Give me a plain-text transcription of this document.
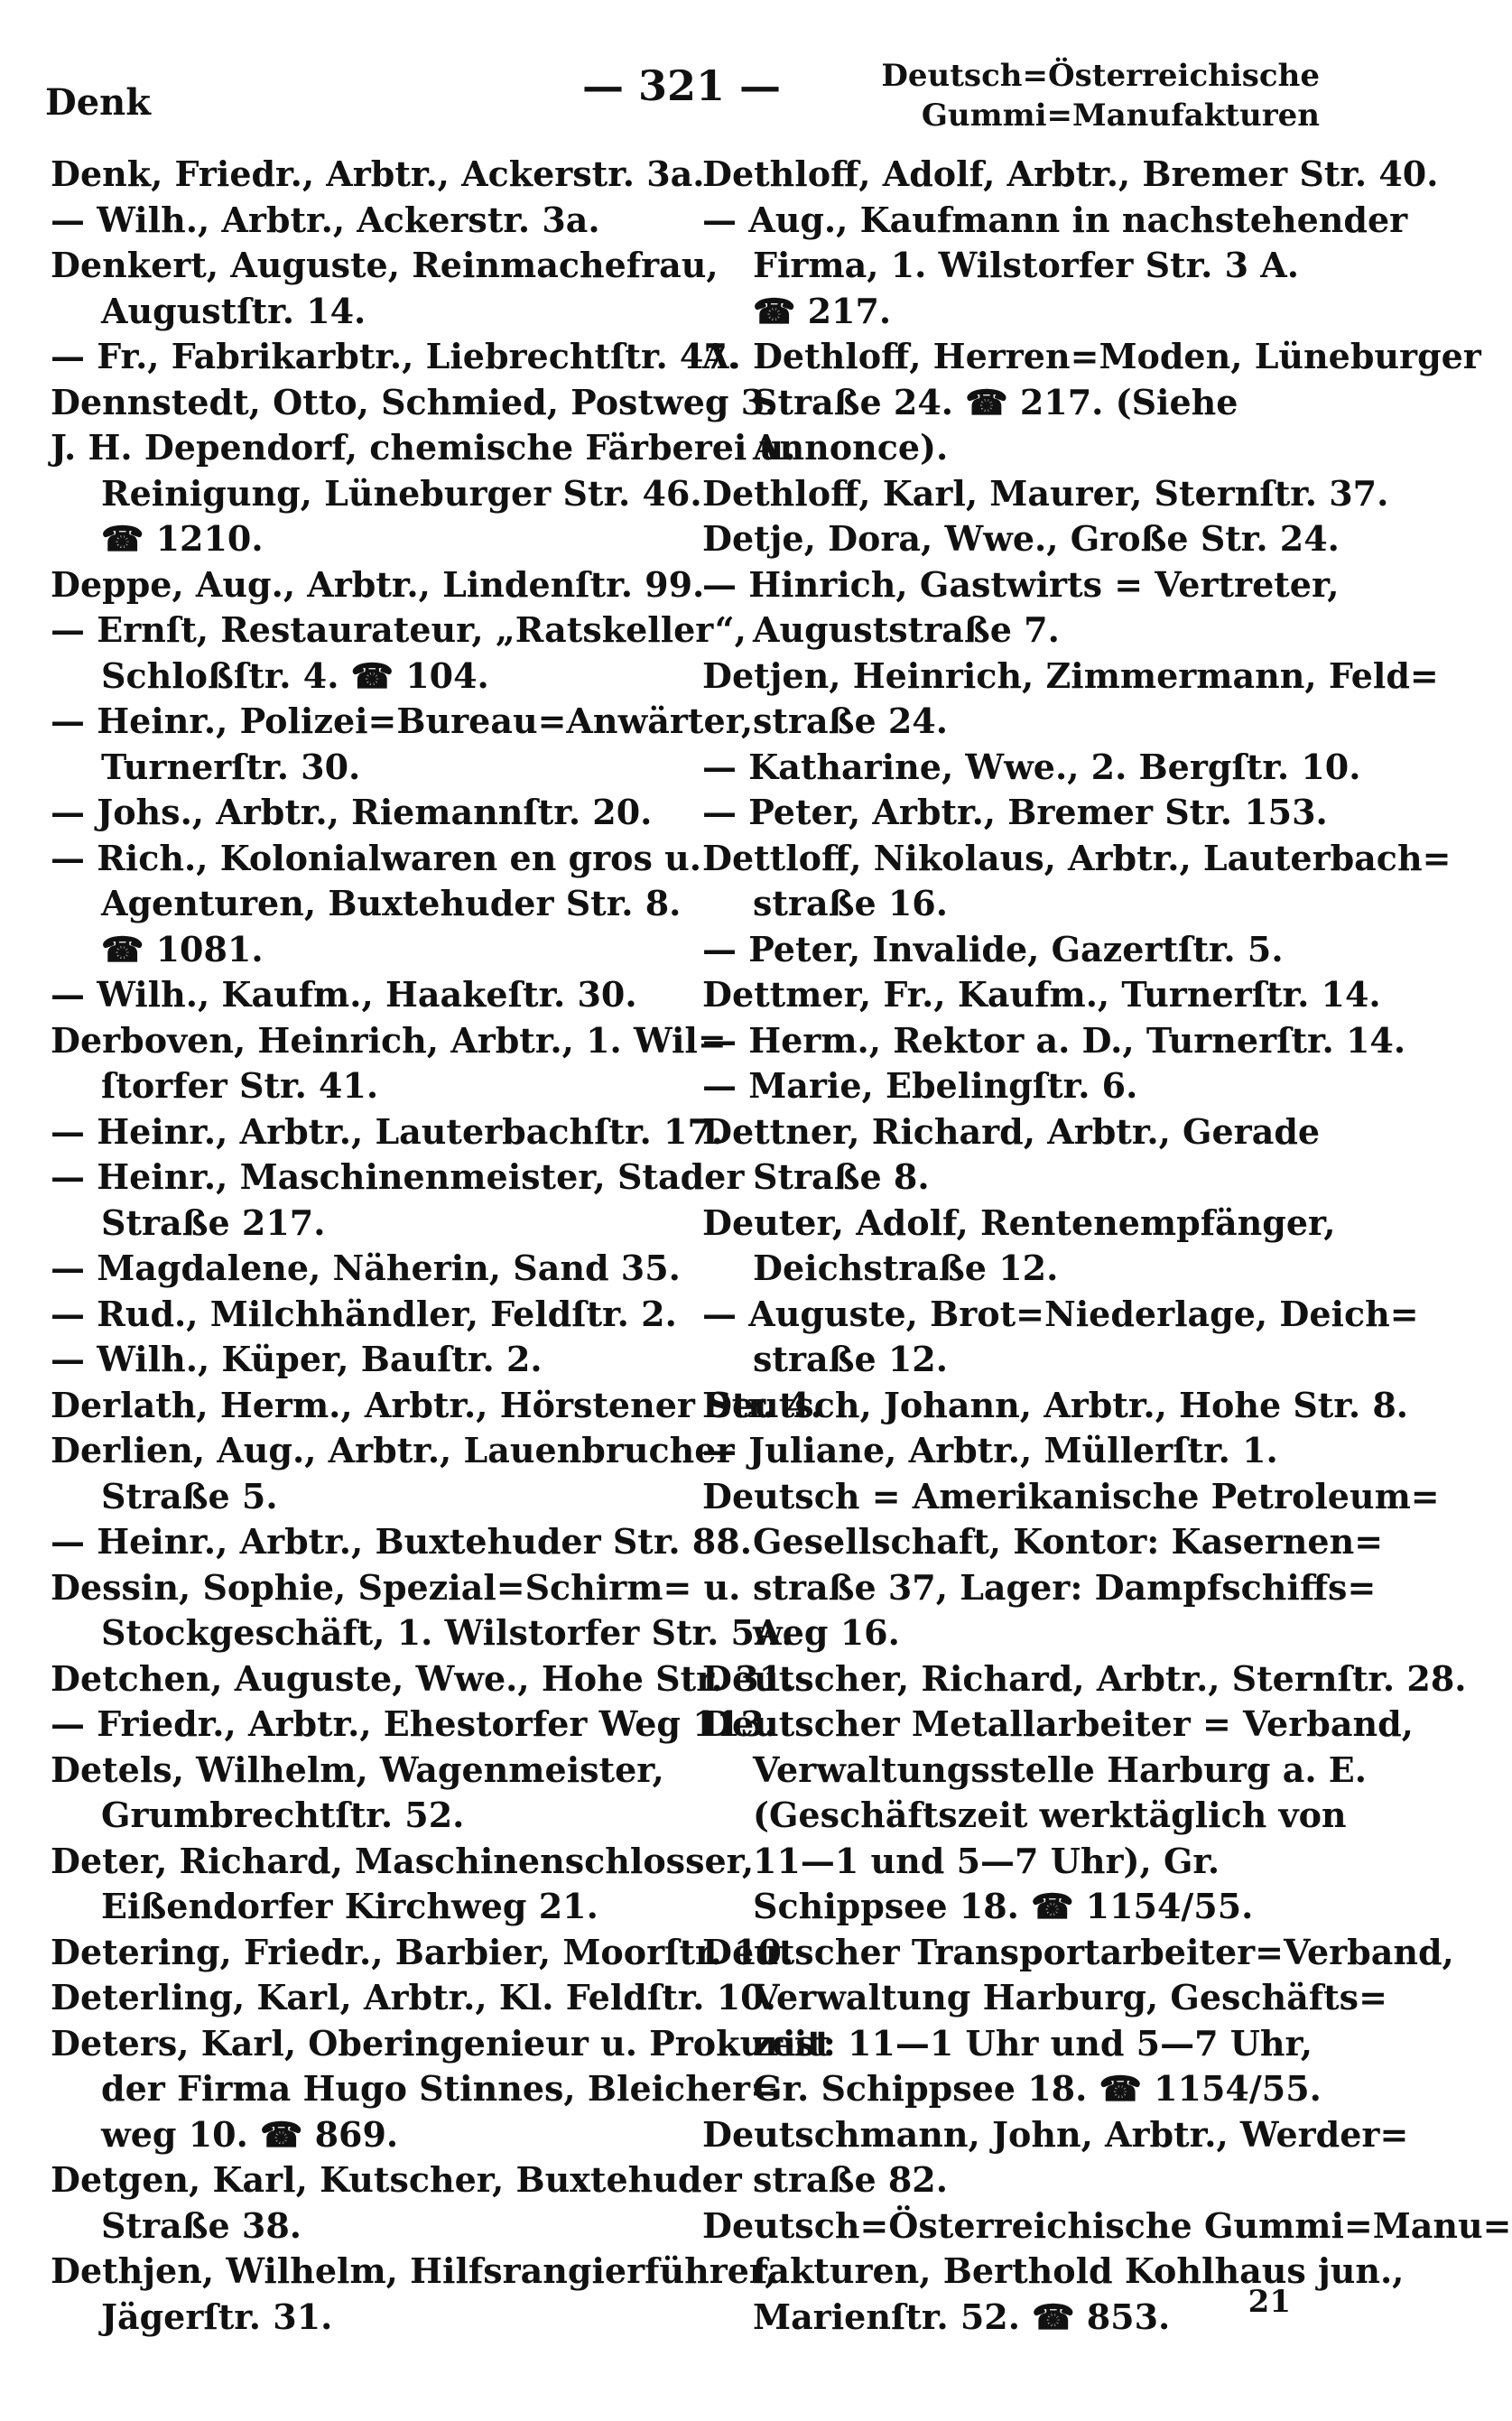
Denk	— 321 —	Deutsch=Österreichische
Gummi=Manufakturen
Denk, Friedr., Arbtr., Ackerstr. 3a.
— Wilh., Arbtr., Ackerstr. 3a.
Denkert, Auguste, Reinmachefrau,
Augustſtr. 14.
— Fr., Fabrikarbtr., Liebrechtſtr. 47.
Dennstedt, Otto, Schmied, Postweg 3.
J. H. Dependorf, chemische Färberei u.
Reinigung, Lüneburger Str. 46.
☎ 1210.
Deppe, Aug., Arbtr., Lindenſtr. 99.
— Ernſt, Restaurateur, „Ratskeller“,
Schloßſtr. 4. ☎ 104.
— Heinr., Polizei=Bureau=Anwärter,
Turnerſtr. 30.
— Johs., Arbtr., Riemannſtr. 20.
— Rich., Kolonialwaren en gros u.
Agenturen, Buxtehuder Str. 8.
☎ 1081.
— Wilh., Kaufm., Haakeſtr. 30.
Derboven, Heinrich, Arbtr., 1. Wil=
ſtorfer Str. 41.
— Heinr., Arbtr., Lauterbachſtr. 17.
— Heinr., Maschinenmeister, Stader
Straße 217.
— Magdalene, Näherin, Sand 35.
— Rud., Milchhändler, Feldſtr. 2.
— Wilh., Küper, Bauſtr. 2.
Derlath, Herm., Arbtr., Hörstener Str. 4.
Derlien, Aug., Arbtr., Lauenbrucher
Straße 5.
— Heinr., Arbtr., Buxtehuder Str. 88.
Dessin, Sophie, Spezial=Schirm= u.
Stockgeschäft, 1. Wilstorfer Str. 5A.
Detchen, Auguste, Wwe., Hohe Str. 31.
— Friedr., Arbtr., Ehestorfer Weg 113.
Detels, Wilhelm, Wagenmeister,
Grumbrechtſtr. 52.
Deter, Richard, Maschinenschlosser,
Eißendorfer Kirchweg 21.
Detering, Friedr., Barbier, Moorſtr. 10.
Deterling, Karl, Arbtr., Kl. Feldſtr. 10.
Deters, Karl, Oberingenieur u. Prokurist
der Firma Hugo Stinnes, Bleicher=
weg 10. ☎ 869.
Detgen, Karl, Kutscher, Buxtehuder
Straße 38.
Dethjen, Wilhelm, Hilfsrangierführer,
Jägerſtr. 31.
Dethloff, Adolf, Arbtr., Bremer Str. 40.
— Aug., Kaufmann in nachstehender
Firma, 1. Wilstorfer Str. 3 A.
☎ 217.
A. Dethloff, Herren=Moden, Lüneburger
Straße 24. ☎ 217. (Siehe
Annonce).
Dethloff, Karl, Maurer, Sternſtr. 37.
Detje, Dora, Wwe., Große Str. 24.
— Hinrich, Gastwirts = Vertreter,
Auguststraße 7.
Detjen, Heinrich, Zimmermann, Feld=
straße 24.
— Katharine, Wwe., 2. Bergſtr. 10.
— Peter, Arbtr., Bremer Str. 153.
Dettloff, Nikolaus, Arbtr., Lauterbach=
straße 16.
— Peter, Invalide, Gazertſtr. 5.
Dettmer, Fr., Kaufm., Turnerſtr. 14.
— Herm., Rektor a. D., Turnerſtr. 14.
— Marie, Ebelingſtr. 6.
Dettner, Richard, Arbtr., Gerade
Straße 8.
Deuter, Adolf, Rentenempfänger,
Deichstraße 12.
— Auguste, Brot=Niederlage, Deich=
straße 12.
Deutsch, Johann, Arbtr., Hohe Str. 8.
— Juliane, Arbtr., Müllerſtr. 1.
Deutsch = Amerikanische Petroleum=
Gesellschaft, Kontor: Kasernen=
straße 37, Lager: Dampfschiffs=
weg 16.
Deutscher, Richard, Arbtr., Sternſtr. 28.
Deutscher Metallarbeiter = Verband,
Verwaltungsstelle Harburg a. E.
(Geschäftszeit werktäglich von
11—1 und 5—7 Uhr), Gr.
Schippsee 18. ☎ 1154/55.
Deutscher Transportarbeiter=Verband,
Verwaltung Harburg, Geschäfts=
zeit: 11—1 Uhr und 5—7 Uhr,
Gr. Schippsee 18. ☎ 1154/55.
Deutschmann, John, Arbtr., Werder=
straße 82.
Deutsch=Österreichische Gummi=Manu=
fakturen, Berthold Kohlhaus jun.,
Marienſtr. 52. ☎ 853.	21
